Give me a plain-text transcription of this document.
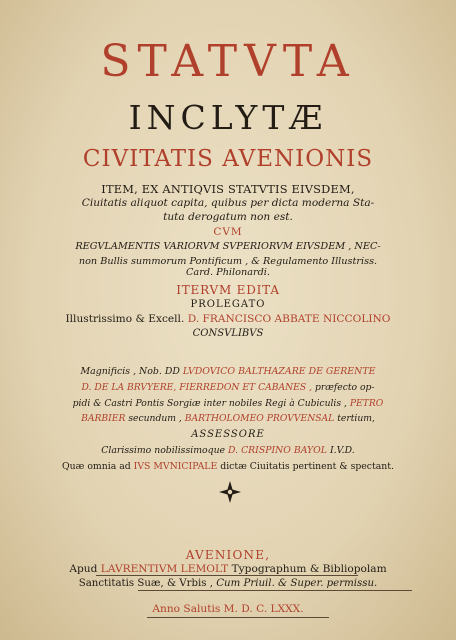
STATVTA
INCLYTÆ
CIVITATIS AVENIONIS
ITEM, EX ANTIQVIS STATVTIS EIVSDEM,
Ciuitatis aliquot capita, quibus per dicta moderna Sta-
tuta derogatum non est.
CVM
REGVLAMENTIS VARIORVM SVPERIORVM EIVSDEM , NEC-
non Bullis summorum Pontificum , & Regulamento Illustriss.
Card. Philonardi.
ITERVM EDITA
PROLEGATO
Illustrissimo & Excell. D. FRANCISCO ABBATE NICCOLINO
CONSVLIBVS
Magnificis , Nob. DD LVDOVICO BALTHAZARE DE GERENTE
D. DE LA BRVYERE, FIERREDON ET CABANES , præfecto op-
pidi & Castri Pontis Sorgiæ inter nobiles Regi à Cubiculis , PETRO
BARBIER secundum , BARTHOLOMEO PROVVENSAL tertium,
ASSESSORE
Clarissimo nobilissimoque D. CRISPINO BAYOL I.V.D.
Quæ omnia ad IVS MVNICIPALE dictæ Ciuitatis pertinent & spectant.
AVENIONE,
Apud LAVRENTIVM LEMOLT Typographum & Bibliopolam
Sanctitatis Suæ, & Vrbis , Cum Priuil. & Super. permissu.
Anno Salutis M. D. C. LXXX.
